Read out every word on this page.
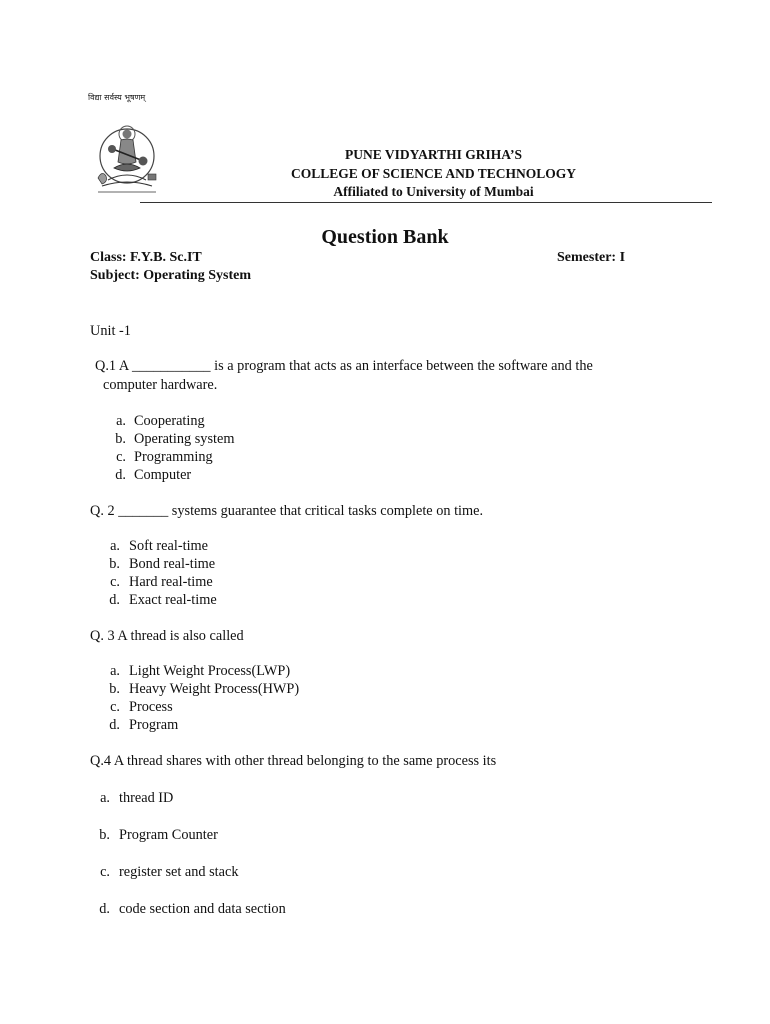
विद्या सर्वस्य भूषणम्
PUNE VIDYARTHI GRIHA’S
COLLEGE OF SCIENCE AND TECHNOLOGY
Affiliated to University of Mumbai
Question Bank
Class: F.Y.B. Sc.IT	Semester: I
Subject: Operating System
Unit -1
Q.1 A ___________ is a program that acts as an interface between the software and the
computer hardware.
a. Cooperating
b. Operating system
c. Programming
d. Computer
Q. 2 _______ systems guarantee that critical tasks complete on time.
a. Soft real-time
b. Bond real-time
c. Hard real-time
d. Exact real-time
Q. 3 A thread is also called
a. Light Weight Process(LWP)
b. Heavy Weight Process(HWP)
c. Process
d. Program
Q.4 A thread shares with other thread belonging to the same process its
a. thread ID
b. Program Counter
c. register set and stack
d. code section and data section
